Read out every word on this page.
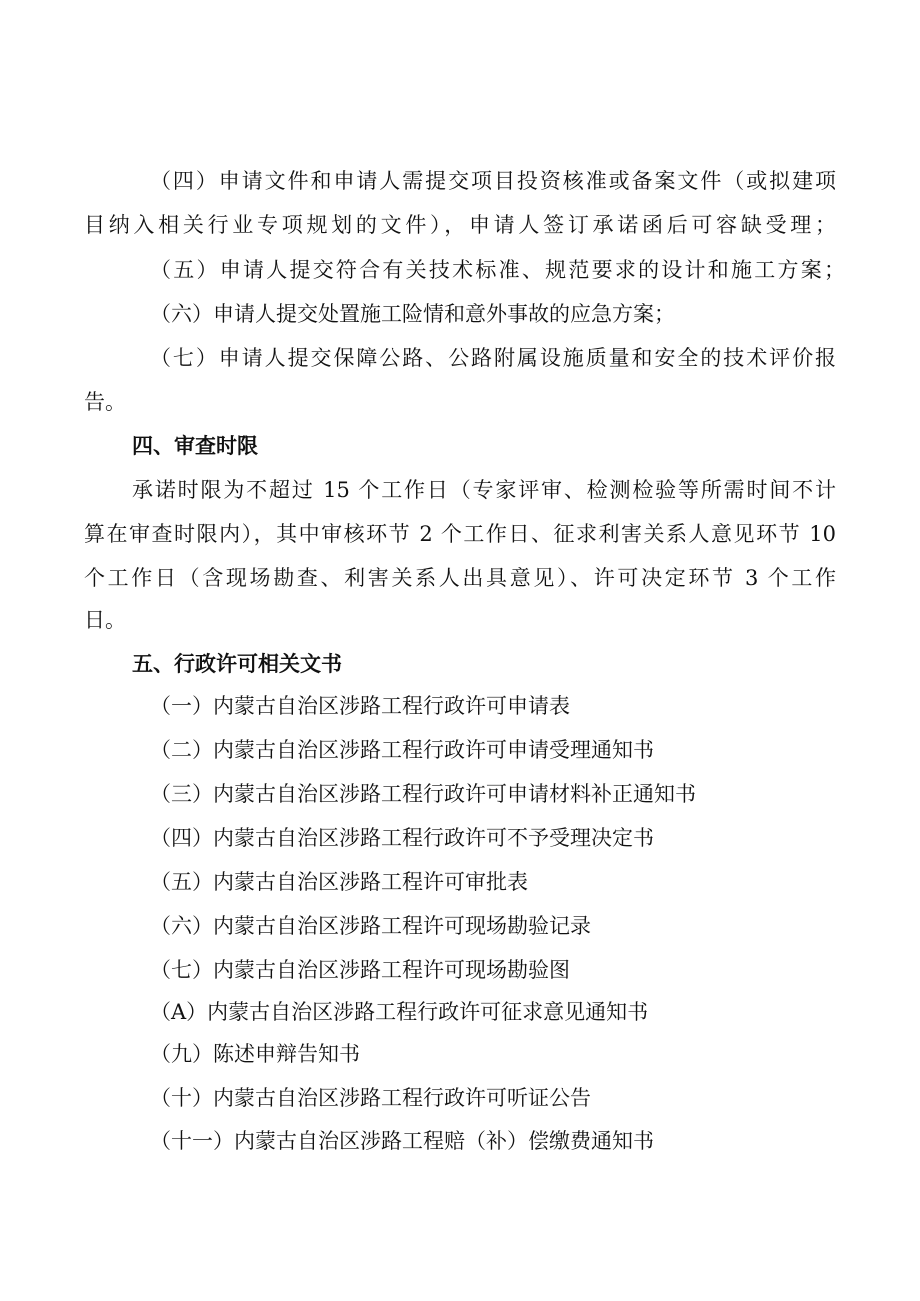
（四）申请文件和申请人需提交项目投资核准或备案文件（或拟建项
目纳入相关行业专项规划的文件），申请人签订承诺函后可容缺受理；
（五）申请人提交符合有关技术标准、规范要求的设计和施工方案；
（六）申请人提交处置施工险情和意外事故的应急方案；
（七）申请人提交保障公路、公路附属设施质量和安全的技术评价报
告。
四、审查时限
承诺时限为不超过 15 个工作日（专家评审、检测检验等所需时间不计
算在审查时限内），其中审核环节 2 个工作日、征求利害关系人意见环节 10
个工作日（含现场勘查、利害关系人出具意见）、许可决定环节 3 个工作
日。
五、行政许可相关文书
（一）内蒙古自治区涉路工程行政许可申请表
（二）内蒙古自治区涉路工程行政许可申请受理通知书
（三）内蒙古自治区涉路工程行政许可申请材料补正通知书
（四）内蒙古自治区涉路工程行政许可不予受理决定书
（五）内蒙古自治区涉路工程许可审批表
（六）内蒙古自治区涉路工程许可现场勘验记录
（七）内蒙古自治区涉路工程许可现场勘验图
（A）内蒙古自治区涉路工程行政许可征求意见通知书
（九）陈述申辩告知书
（十）内蒙古自治区涉路工程行政许可听证公告
（十一）内蒙古自治区涉路工程赔（补）偿缴费通知书
